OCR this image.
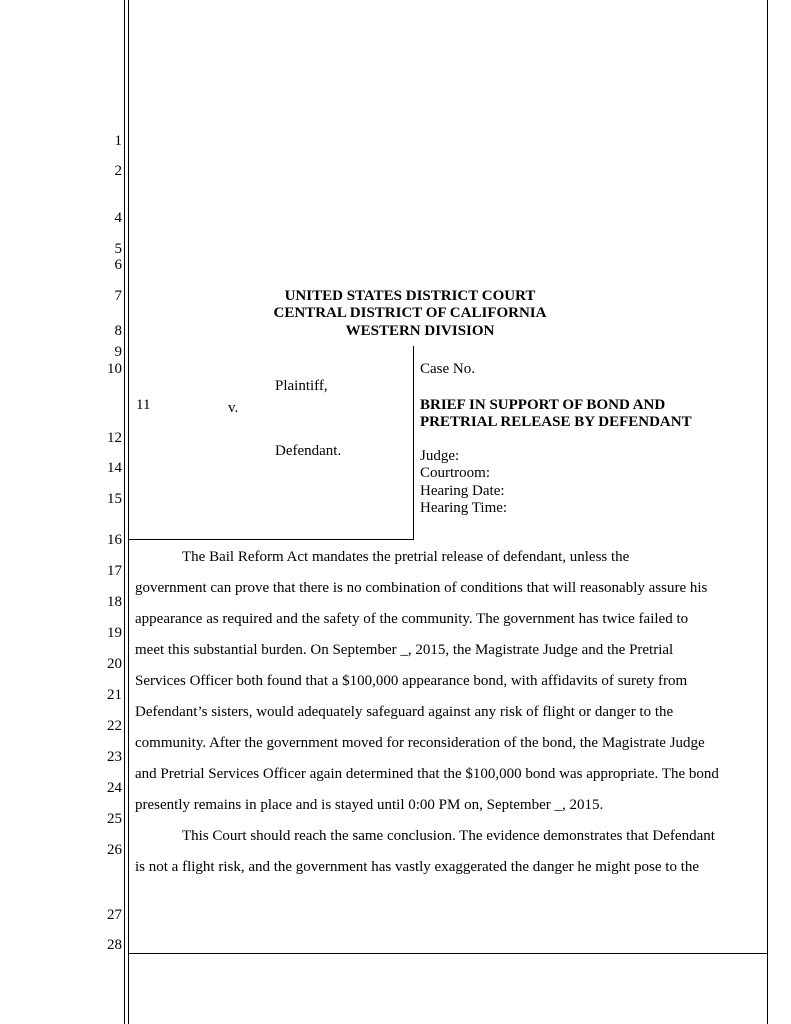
1
2
4
5
6
7
8
9
10
12
14
15
16
17
18
19
20
21
22
23
24
25
26
27
28
UNITED STATES DISTRICT COURT
CENTRAL DISTRICT OF CALIFORNIA
WESTERN DIVISION
11
Plaintiff,
v.
Defendant.
Case No.
BRIEF IN SUPPORT OF BOND AND
PRETRIAL RELEASE BY DEFENDANT
Judge:
Courtroom:
Hearing Date:
Hearing Time:
The Bail Reform Act mandates the pretrial release of defendant, unless the
government can prove that there is no combination of conditions that will reasonably assure his
appearance as required and the safety of the community. The government has twice failed to
meet this substantial burden. On September _, 2015, the Magistrate Judge and the Pretrial
Services Officer both found that a $100,000 appearance bond, with affidavits of surety from
Defendant’s sisters, would adequately safeguard against any risk of flight or danger to the
community. After the government moved for reconsideration of the bond, the Magistrate Judge
and Pretrial Services Officer again determined that the $100,000 bond was appropriate. The bond
presently remains in place and is stayed until 0:00 PM on, September _, 2015.
This Court should reach the same conclusion. The evidence demonstrates that Defendant
is not a flight risk, and the government has vastly exaggerated the danger he might pose to the
